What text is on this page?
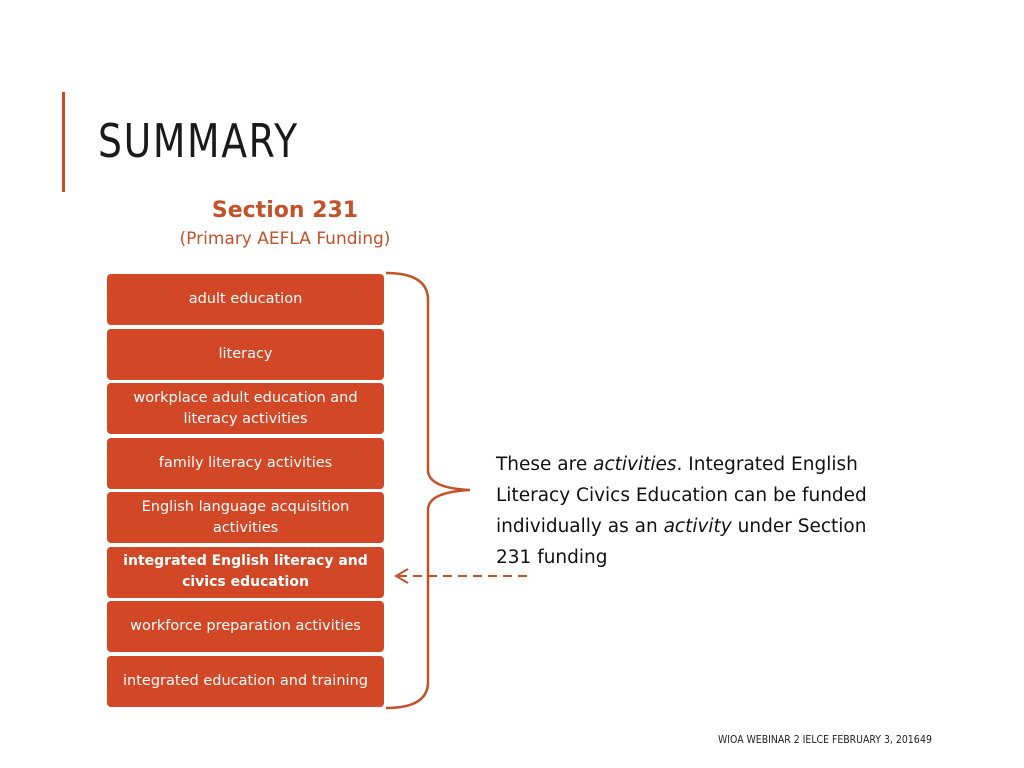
SUMMARY
Section 231
(Primary AEFLA Funding)
adult education
literacy
workplace adult education and literacy activities
family literacy activities
English language acquisition activities
integrated English literacy and civics education
workforce preparation activities
integrated education and training
These are activities. Integrated English Literacy Civics Education can be funded individually as an activity under Section 231 funding
WIOA WEBINAR 2 IELCE FEBRUARY 3, 2016 49
